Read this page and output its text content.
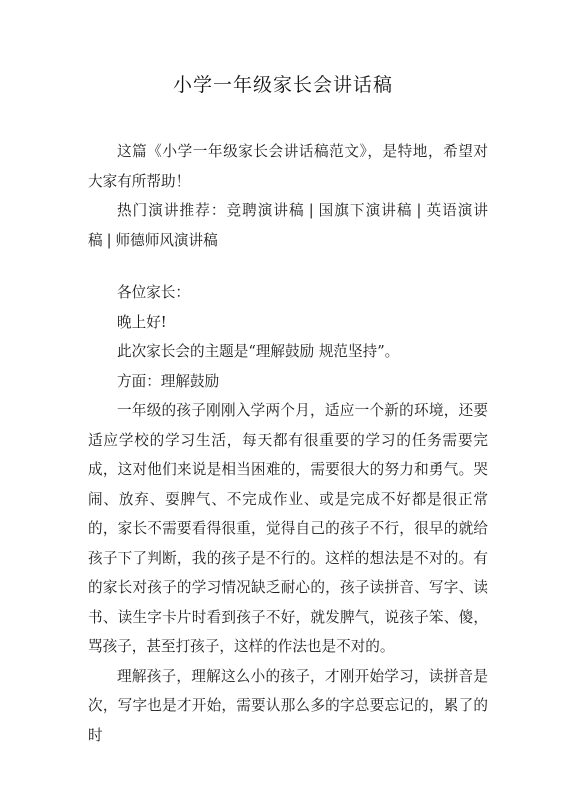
小学一年级家长会讲话稿

这篇《小学一年级家长会讲话稿范文》，是特地，希望对大家有所帮助！

热门演讲推荐：竞聘演讲稿 | 国旗下演讲稿 | 英语演讲稿 | 师德师风演讲稿

各位家长：

晚上好!

此次家长会的主题是“理解鼓励 规范坚持”。

方面：理解鼓励

一年级的孩子刚刚入学两个月，适应一个新的环境，还要适应学校的学习生活，每天都有很重要的学习的任务需要完成，这对他们来说是相当困难的，需要很大的努力和勇气。哭闹、放弃、耍脾气、不完成作业、或是完成不好都是很正常的，家长不需要看得很重，觉得自己的孩子不行，很早的就给孩子下了判断，我的孩子是不行的。这样的想法是不对的。有的家长对孩子的学习情况缺乏耐心的，孩子读拼音、写字、读书、读生字卡片时看到孩子不好，就发脾气，说孩子笨、傻，骂孩子，甚至打孩子，这样的作法也是不对的。

理解孩子，理解这么小的孩子，才刚开始学习，读拼音是次，写字也是才开始，需要认那么多的字总要忘记的，累了的时
